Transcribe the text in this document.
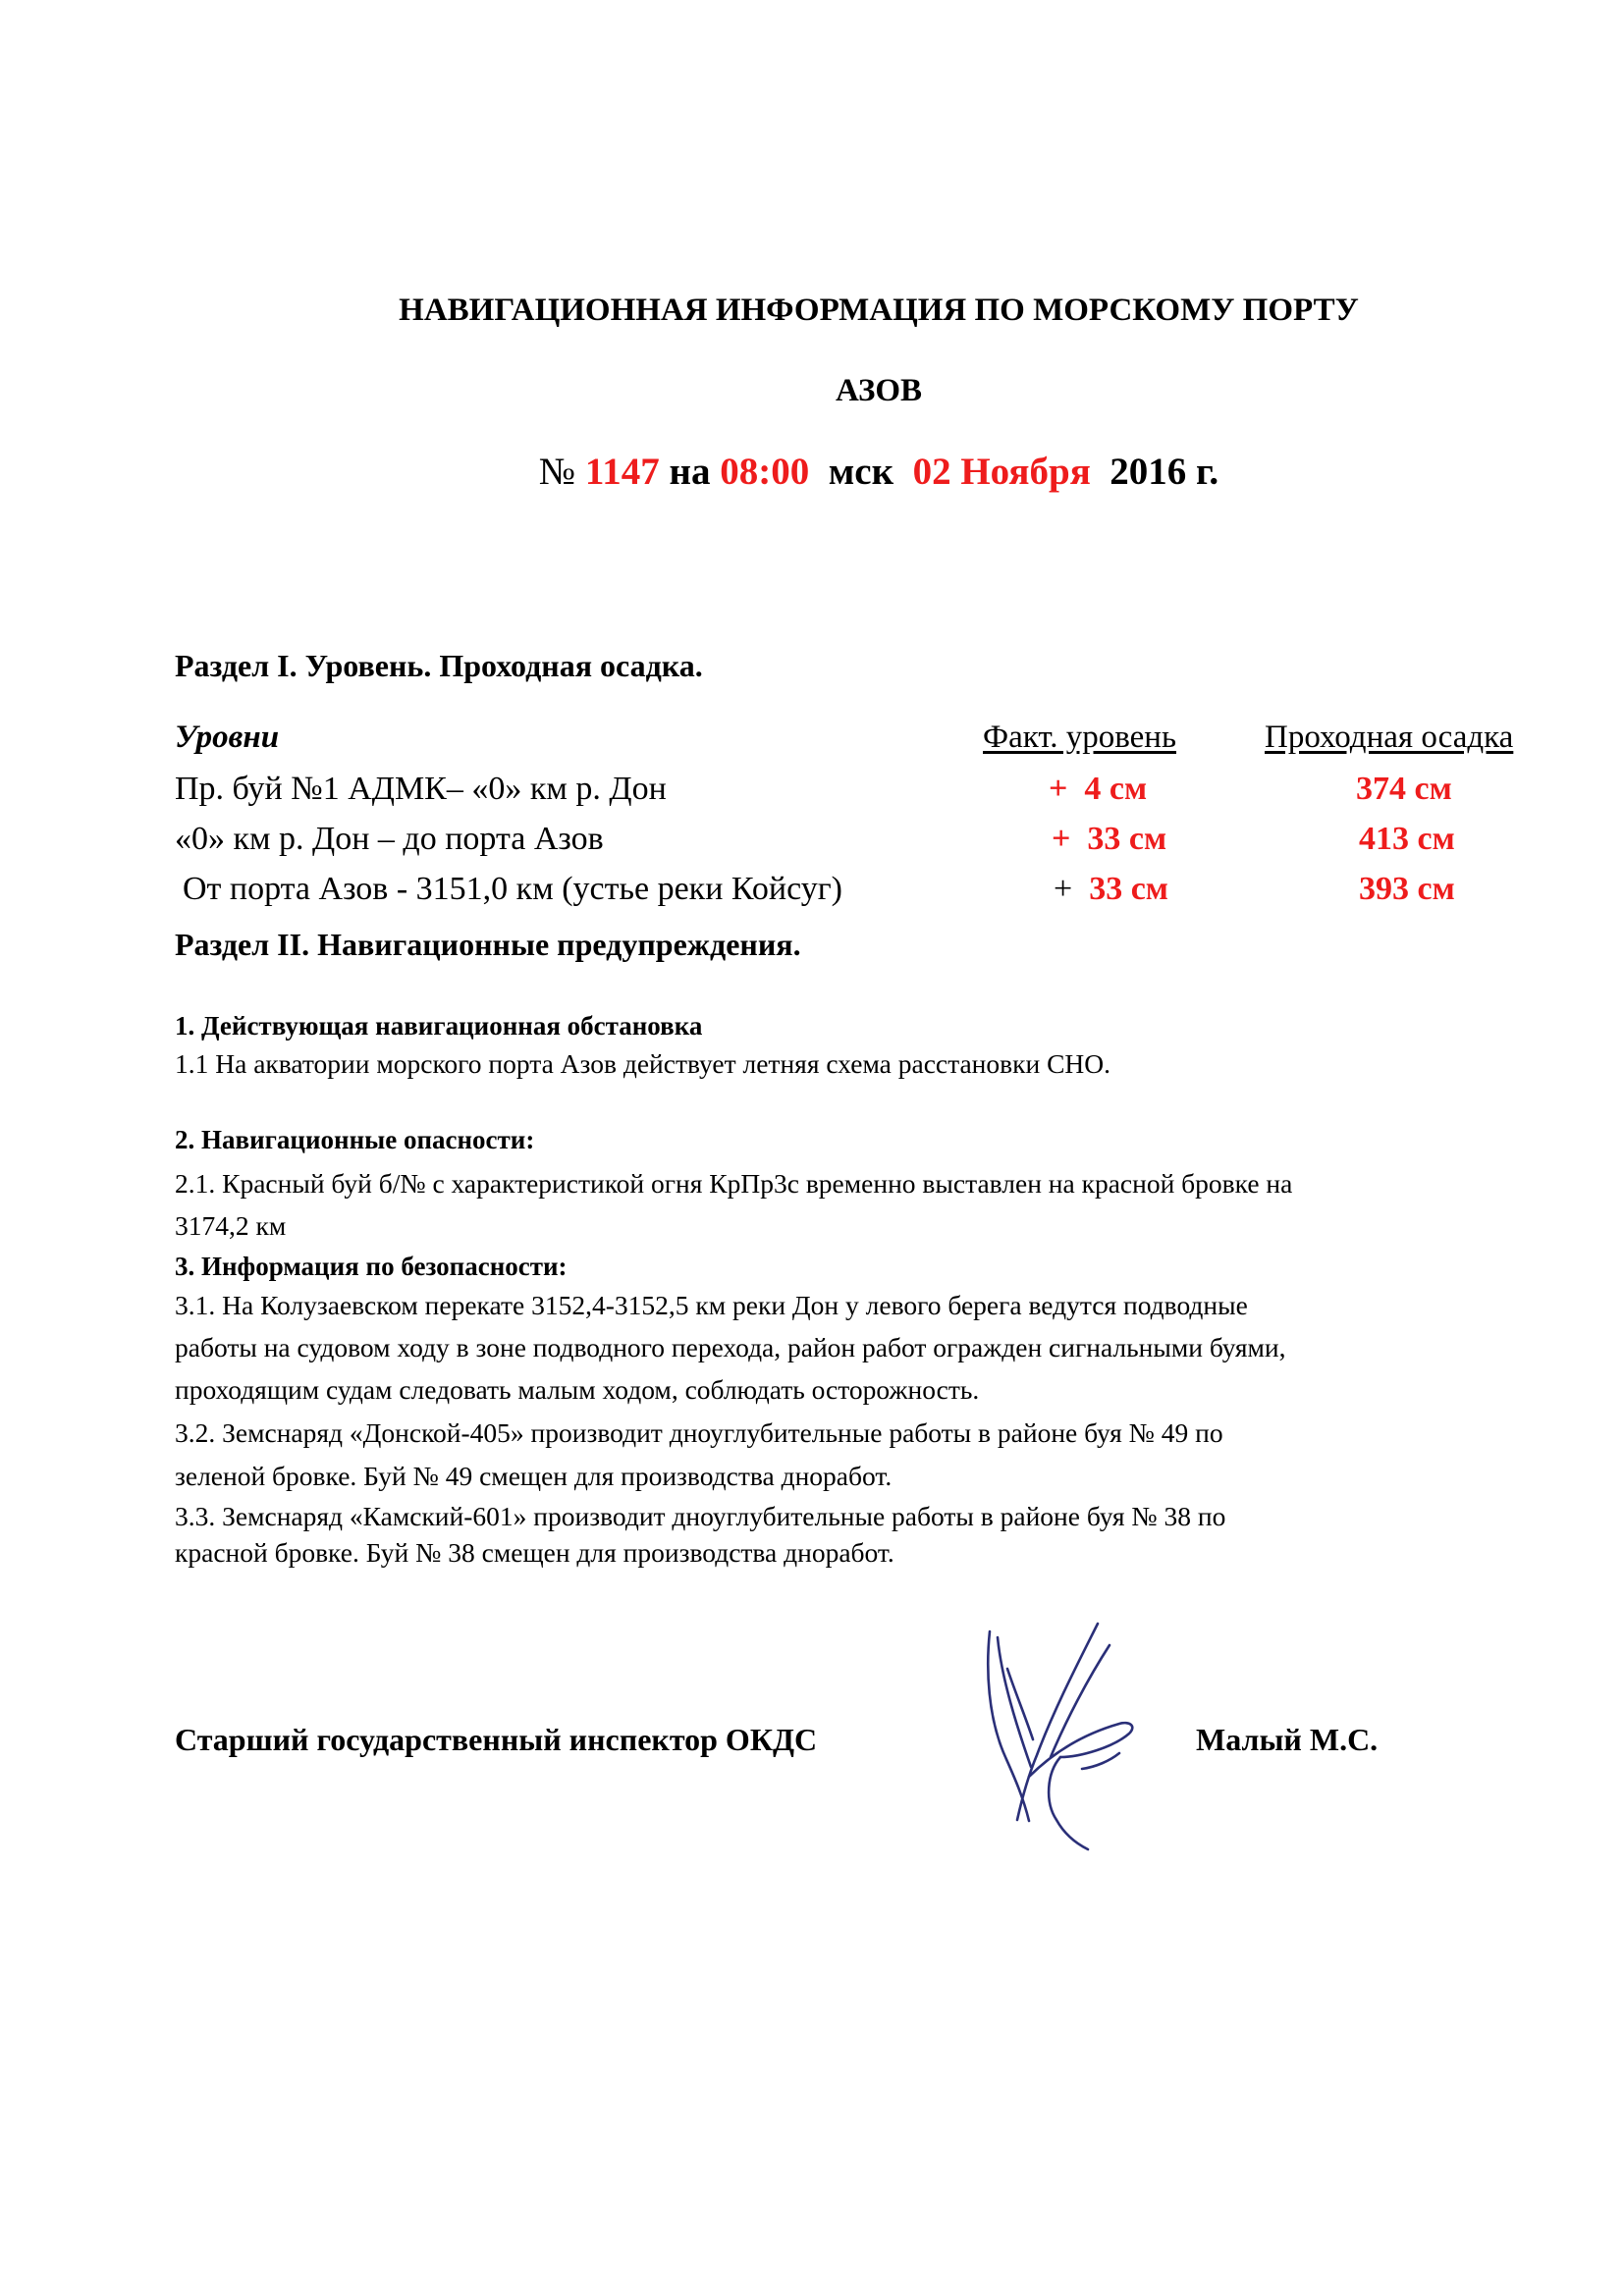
НАВИГАЦИОННАЯ ИНФОРМАЦИЯ ПО МОРСКОМУ ПОРТУ
АЗОВ
№ 1147 на 08:00 мск 02 Ноября 2016 г.
Раздел I. Уровень. Проходная осадка.
Уровни	Факт. уровень	Проходная осадка
Пр. буй №1 АДМК– «0» км р. Дон	+ 4 см	374 см
«0» км р. Дон – до порта Азов	+ 33 см	413 см
От порта Азов - 3151,0 км (устье реки Койсуг)	+ 33 см	393 см
Раздел II. Навигационные предупреждения.
1. Действующая навигационная обстановка
1.1 На акватории морского порта Азов действует летняя схема расстановки СНО.
2. Навигационные опасности:
2.1. Красный буй б/№ с характеристикой огня КрПр3с временно выставлен на красной бровке на
3174,2 км
3. Информация по безопасности:
3.1. На Колузаевском перекате 3152,4-3152,5 км реки Дон у левого берега ведутся подводные
работы на судовом ходу в зоне подводного перехода, район работ огражден сигнальными буями,
проходящим судам следовать малым ходом, соблюдать осторожность.
3.2. Земснаряд «Донской-405» производит дноуглубительные работы в районе буя № 49 по
зеленой бровке. Буй № 49 смещен для производства дноработ.
3.3. Земснаряд «Камский-601» производит дноуглубительные работы в районе буя № 38 по
красной бровке. Буй № 38 смещен для производства дноработ.
Старший государственный инспектор ОКДС	Малый М.С.
